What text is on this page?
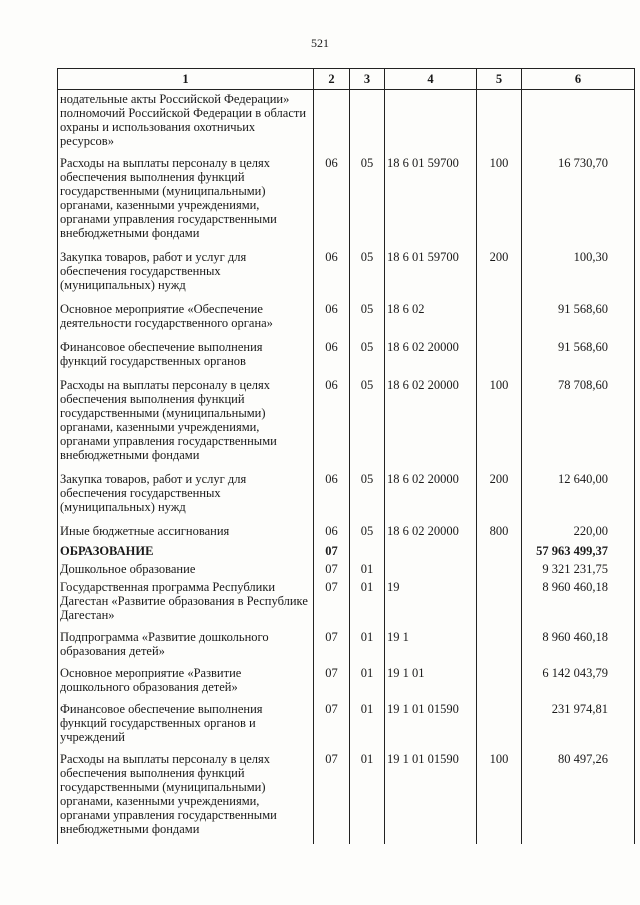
521
1	2	3	4	5	6
нодательные акты Российской Федерации» полномочий Российской Федерации в области охраны и использования охотничьих ресурсов»					
Расходы на выплаты персоналу в целях обеспечения выполнения функций государственными (муниципальными) органами, казенными учреждениями, органами управления государственными внебюджетными фондами	06	05	18 6 01 59700	100	16 730,70
Закупка товаров, работ и услуг для обеспечения государственных (муниципальных) нужд	06	05	18 6 01 59700	200	100,30
Основное мероприятие «Обеспечение деятельности государственного органа»	06	05	18 6 02		91 568,60
Финансовое обеспечение выполнения функций государственных органов	06	05	18 6 02 20000		91 568,60
Расходы на выплаты персоналу в целях обеспечения выполнения функций государственными (муниципальными) органами, казенными учреждениями, органами управления государственными внебюджетными фондами	06	05	18 6 02 20000	100	78 708,60
Закупка товаров, работ и услуг для обеспечения государственных (муниципальных) нужд	06	05	18 6 02 20000	200	12 640,00
Иные бюджетные ассигнования	06	05	18 6 02 20000	800	220,00
ОБРАЗОВАНИЕ	07				57 963 499,37
Дошкольное образование	07	01			9 321 231,75
Государственная программа Республики Дагестан «Развитие образования в Республике Дагестан»	07	01	19		8 960 460,18
Подпрограмма «Развитие дошкольного образования детей»	07	01	19 1		8 960 460,18
Основное мероприятие «Развитие дошкольного образования детей»	07	01	19 1 01		6 142 043,79
Финансовое обеспечение выполнения функций государственных органов и учреждений	07	01	19 1 01 01590		231 974,81
Расходы на выплаты персоналу в целях обеспечения выполнения функций государственными (муниципальными) органами, казенными учреждениями, органами управления государственными внебюджетными фондами	07	01	19 1 01 01590	100	80 497,26
